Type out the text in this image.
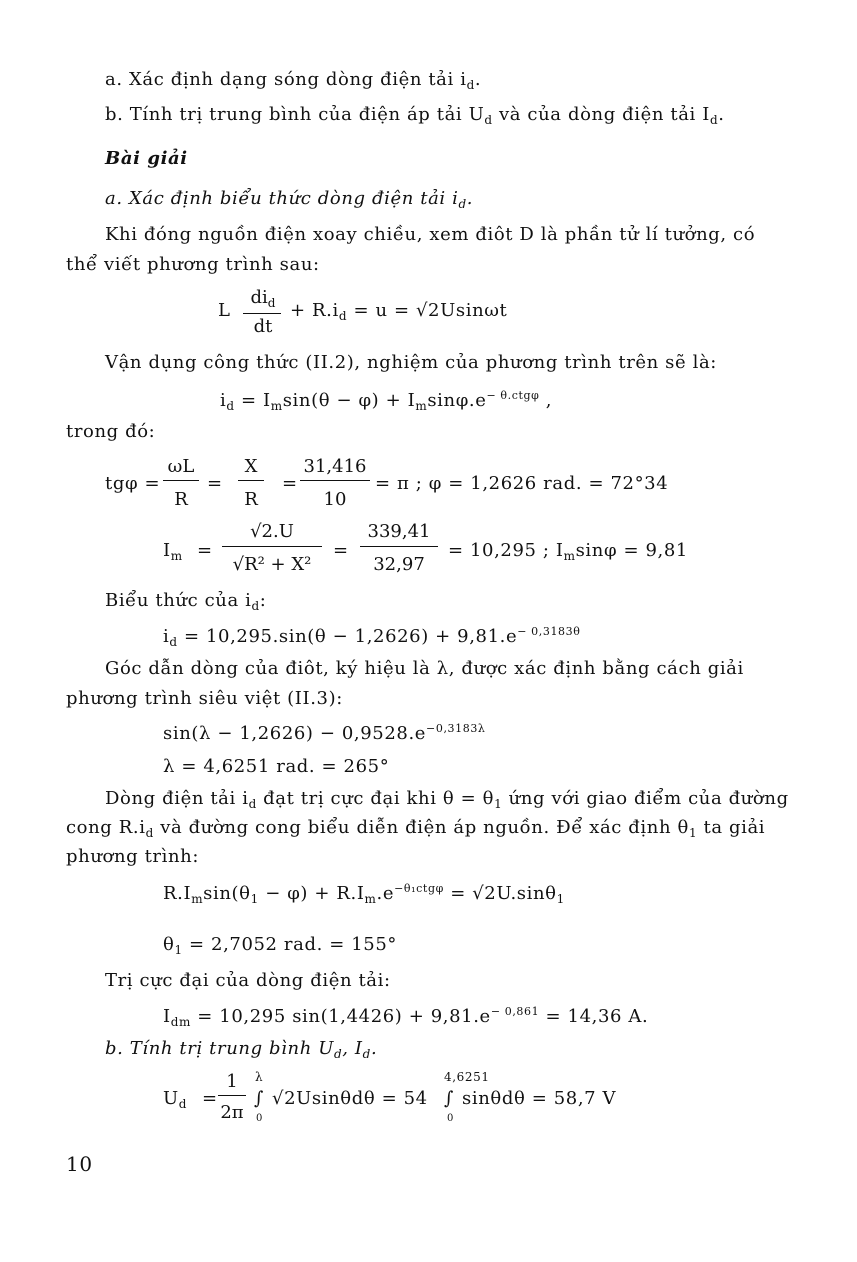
a. Xác định dạng sóng dòng điện tải $i_d$.
b. Tính trị trung bình của điện áp tải $U_d$ và của dòng điện tải $I_d$.
Bài giải
a. Xác định biểu thức dòng điện tải $i_d$.
Khi đóng nguồn điện xoay chiều, xem điôt D là phần tử lí tưởng, có
thể viết phương trình sau:
L
$di_d$
dt
+ $R.i_d = u = √2Usin\omega t$
Vận dụng công thức (II.2), nghiệm của phương trình trên sẽ là:
$i_d = I_m\sin(\theta - \varphi) + I_m\sin\varphi.e^{- \theta.ctg\varphi}$ ,
trong đó:
tgφ =
ωL
R
=
X
R
=
31,416
10
= π ; φ = 1,2626 rad. = 72°34
$I_m$ =
√2.U
√R² + X²
=
339,41
32,97
= 10,295 ; $I_m\sin\varphi = 9,81$
Biểu thức của $i_d$:
$i_d = 10,295.\sin(\theta - 1,2626) + 9,81.e^{- 0,3183\theta}$
Góc dẫn dòng của điôt, ký hiệu là λ, được xác định bằng cách giải
phương trình siêu việt (II.3):
$\sin(\lambda - 1,2626) - 0,9528.e^{-0,3183\lambda}$
λ = 4,6251 rad. = 265°
Dòng điện tải $i_d$ đạt trị cực đại khi $\theta = \theta_1$ ứng với giao điểm của đường
cong $R.i_d$ và đường cong biểu diễn điện áp nguồn. Để xác định $\theta_1$ ta giải
phương trình:
$R.I_m\sin(\theta_1 - \varphi) + R.I_m.e^{-\theta_1ctg\varphi} = √2U.\sin\theta_1$
$\theta_1 = 2,7052$ rad. = 155°
Trị cực đại của dòng điện tải:
$I_{dm} = 10,295$ $\sin(1,4426) + 9,81.e^{- 0,861} = 14,36$ A.
b. Tính trị trung bình $U_d$, $I_d$.
$U_d$ =
1
2π
λ
∫
0
√2Usinθdθ = 54
4,6251
∫
0
sinθdθ = 58,7 V
10
